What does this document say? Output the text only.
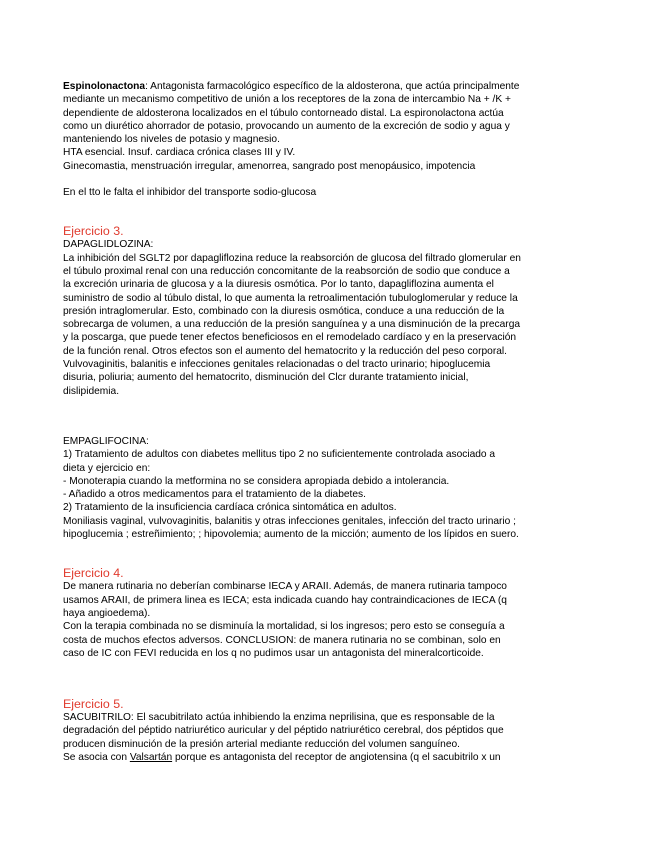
Espinolonactona: Antagonista farmacológico específico de la aldosterona, que actúa principalmente

mediante un mecanismo competitivo de unión a los receptores de la zona de intercambio Na + /K +

dependiente de aldosterona localizados en el túbulo contorneado distal. La espironolactona actúa

como un diurético ahorrador de potasio, provocando un aumento de la excreción de sodio y agua y

manteniendo los niveles de potasio y magnesio.

HTA esencial. Insuf. cardiaca crónica clases III y IV.

Ginecomastia, menstruación irregular, amenorrea, sangrado post menopáusico, impotencia

En el tto le falta el inhibidor del transporte sodio-glucosa

Ejercicio 3.

DAPAGLIDLOZINA:

La inhibición del SGLT2 por dapagliflozina reduce la reabsorción de glucosa del filtrado glomerular en

el túbulo proximal renal con una reducción concomitante de la reabsorción de sodio que conduce a

la excreción urinaria de glucosa y a la diuresis osmótica. Por lo tanto, dapagliflozina aumenta el

suministro de sodio al túbulo distal, lo que aumenta la retroalimentación tubuloglomerular y reduce la

presión intraglomerular. Esto, combinado con la diuresis osmótica, conduce a una reducción de la

sobrecarga de volumen, a una reducción de la presión sanguínea y a una disminución de la precarga

y la poscarga, que puede tener efectos beneficiosos en el remodelado cardíaco y en la preservación

de la función renal. Otros efectos son el aumento del hematocrito y la reducción del peso corporal.

Vulvovaginitis, balanitis e infecciones genitales relacionadas o del tracto urinario; hipoglucemia

disuria, poliuria; aumento del hematocrito, disminución del Clcr durante tratamiento inicial,

dislipidemia.

EMPAGLIFOCINA:

1) Tratamiento de adultos con diabetes mellitus tipo 2 no suficientemente controlada asociado a

dieta y ejercicio en:

- Monoterapia cuando la metformina no se considera apropiada debido a intolerancia.

- Añadido a otros medicamentos para el tratamiento de la diabetes.

2) Tratamiento de la insuficiencia cardíaca crónica sintomática en adultos.

Moniliasis vaginal, vulvovaginitis, balanitis y otras infecciones genitales, infección del tracto urinario ;

hipoglucemia ; estreñimiento; ; hipovolemia; aumento de la micción; aumento de los lípidos en suero.

Ejercicio 4.

De manera rutinaria no deberían combinarse IECA y ARAII. Además, de manera rutinaria tampoco

usamos ARAII, de primera linea es IECA; esta indicada cuando hay contraindicaciones de IECA (q

haya angioedema).

Con la terapia combinada no se disminuía la mortalidad, si los ingresos; pero esto se conseguía a

costa de muchos efectos adversos. CONCLUSION: de manera rutinaria no se combinan, solo en

caso de IC con FEVI reducida en los q no pudimos usar un antagonista del mineralcorticoide.

Ejercicio 5.

SACUBITRILO: El sacubitrilato actúa inhibiendo la enzima neprilisina, que es responsable de la

degradación del péptido natriurético auricular y del péptido natriurético cerebral, dos péptidos que

producen disminución de la presión arterial mediante reducción del volumen sanguíneo.

Se asocia con Valsartán porque es antagonista del receptor de angiotensina (q el sacubitrilo x un
